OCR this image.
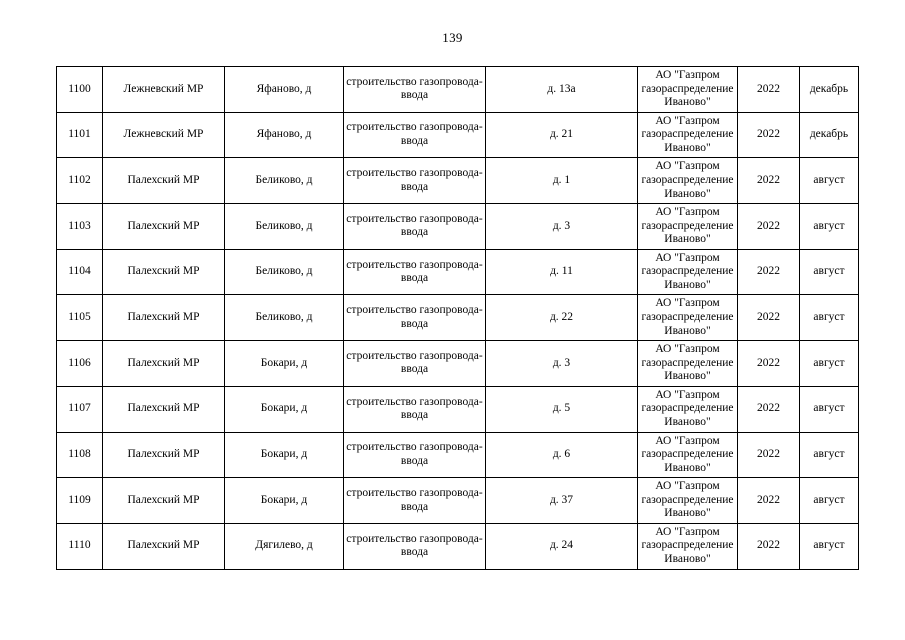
139
1100	Лежневский МР	Яфаново, д	строительство газопровода-ввода	д. 13а	АО "Газпром газораспределение Иваново"	2022	декабрь
1101	Лежневский МР	Яфаново, д	строительство газопровода-ввода	д. 21	АО "Газпром газораспределение Иваново"	2022	декабрь
1102	Палехский МР	Беликово, д	строительство газопровода-ввода	д. 1	АО "Газпром газораспределение Иваново"	2022	август
1103	Палехский МР	Беликово, д	строительство газопровода-ввода	д. 3	АО "Газпром газораспределение Иваново"	2022	август
1104	Палехский МР	Беликово, д	строительство газопровода-ввода	д. 11	АО "Газпром газораспределение Иваново"	2022	август
1105	Палехский МР	Беликово, д	строительство газопровода-ввода	д. 22	АО "Газпром газораспределение Иваново"	2022	август
1106	Палехский МР	Бокари, д	строительство газопровода-ввода	д. 3	АО "Газпром газораспределение Иваново"	2022	август
1107	Палехский МР	Бокари, д	строительство газопровода-ввода	д. 5	АО "Газпром газораспределение Иваново"	2022	август
1108	Палехский МР	Бокари, д	строительство газопровода-ввода	д. 6	АО "Газпром газораспределение Иваново"	2022	август
1109	Палехский МР	Бокари, д	строительство газопровода-ввода	д. 37	АО "Газпром газораспределение Иваново"	2022	август
1110	Палехский МР	Дягилево, д	строительство газопровода-ввода	д. 24	АО "Газпром газораспределение Иваново"	2022	август
